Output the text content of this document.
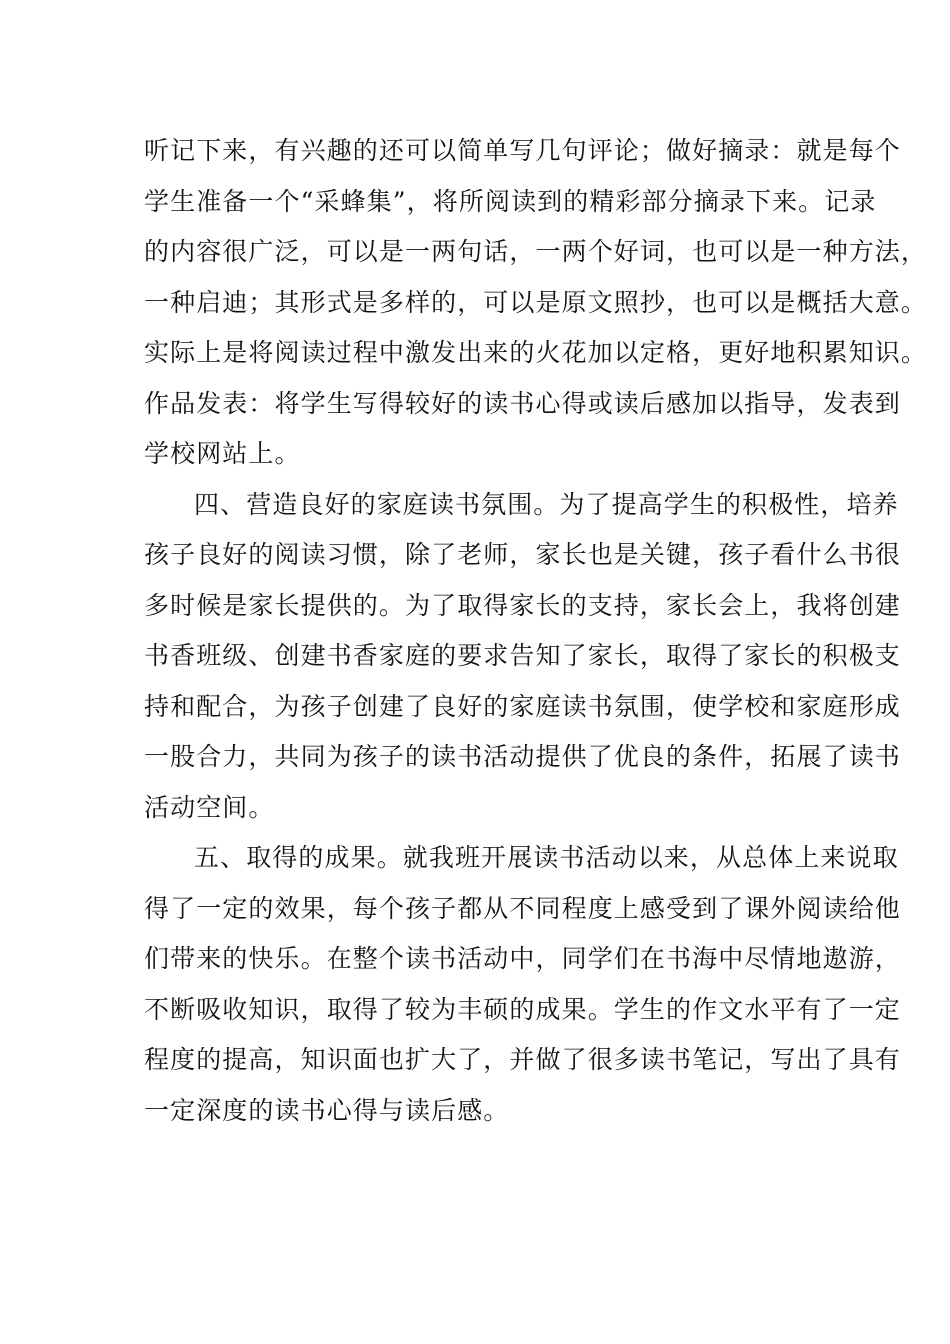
听记下来，有兴趣的还可以简单写几句评论；做好摘录：就是每个
学生准备一个“采蜂集”，将所阅读到的精彩部分摘录下来。记录
的内容很广泛，可以是一两句话，一两个好词，也可以是一种方法，
一种启迪；其形式是多样的，可以是原文照抄，也可以是概括大意。
实际上是将阅读过程中激发出来的火花加以定格，更好地积累知识。
作品发表：将学生写得较好的读书心得或读后感加以指导，发表到
学校网站上。
四、营造良好的家庭读书氛围。为了提高学生的积极性，培养
孩子良好的阅读习惯，除了老师，家长也是关键，孩子看什么书很
多时候是家长提供的。为了取得家长的支持，家长会上，我将创建
书香班级、创建书香家庭的要求告知了家长，取得了家长的积极支
持和配合，为孩子创建了良好的家庭读书氛围，使学校和家庭形成
一股合力，共同为孩子的读书活动提供了优良的条件，拓展了读书
活动空间。
五、取得的成果。就我班开展读书活动以来，从总体上来说取
得了一定的效果，每个孩子都从不同程度上感受到了课外阅读给他
们带来的快乐。在整个读书活动中，同学们在书海中尽情地遨游，
不断吸收知识，取得了较为丰硕的成果。学生的作文水平有了一定
程度的提高，知识面也扩大了，并做了很多读书笔记，写出了具有
一定深度的读书心得与读后感。
